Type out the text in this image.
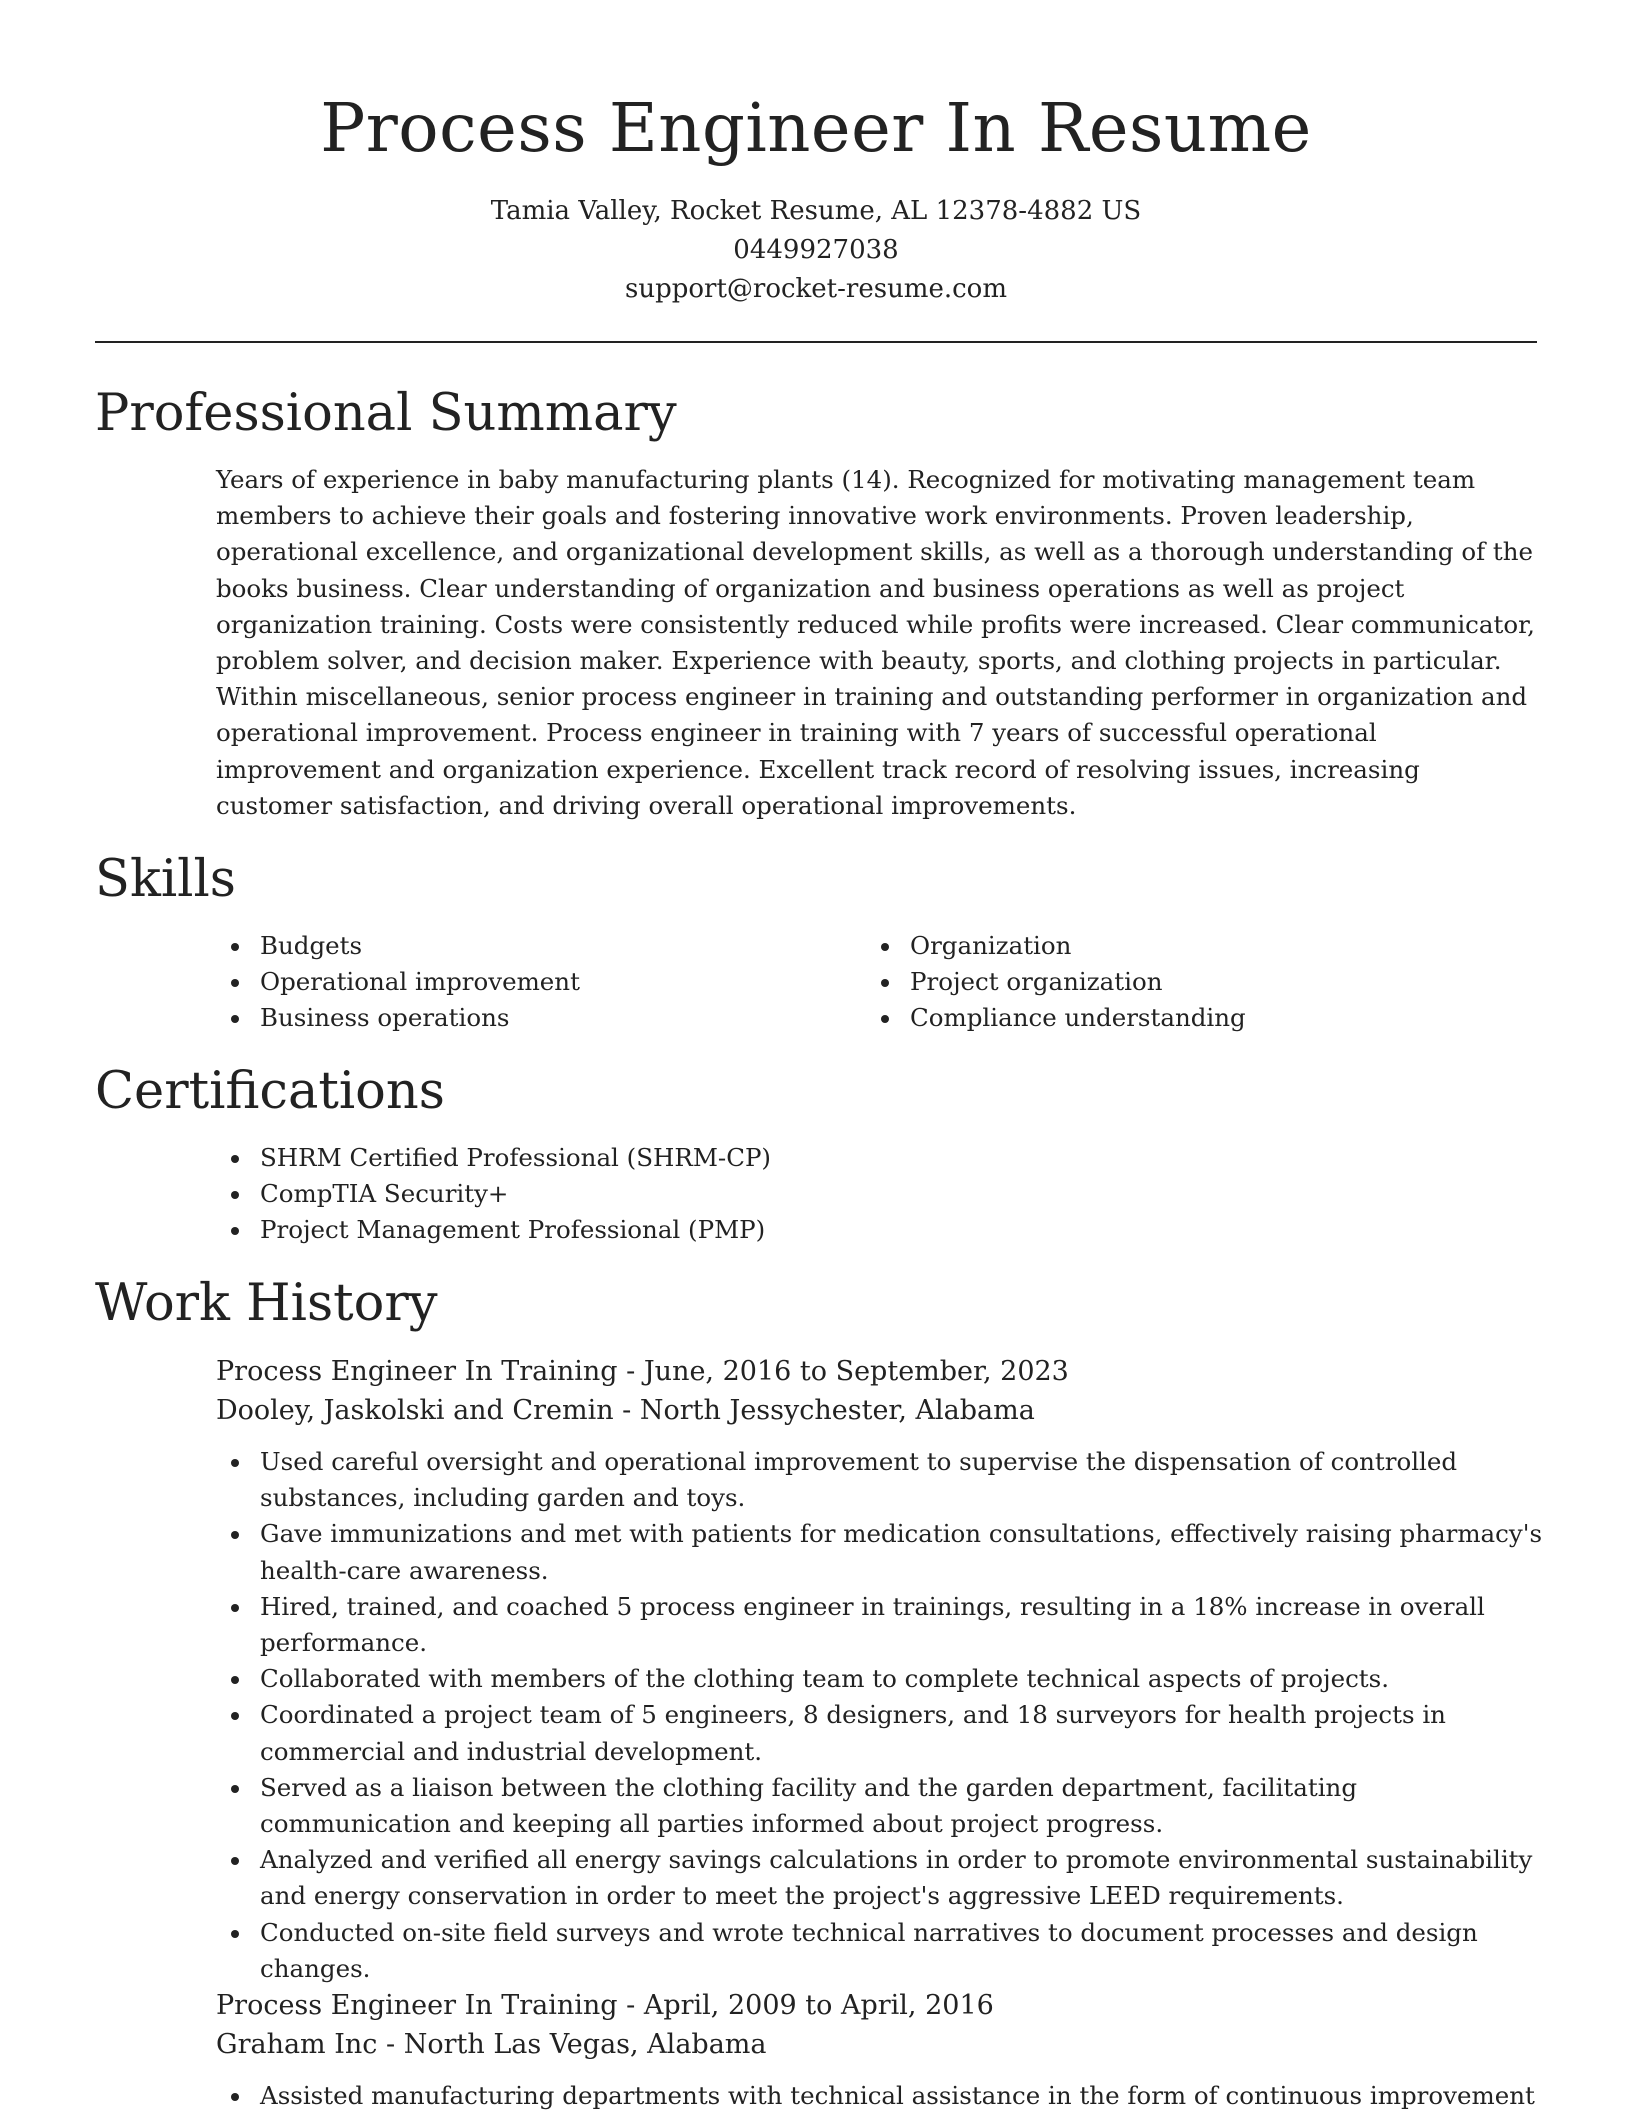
Process Engineer In Resume
Tamia Valley, Rocket Resume, AL 12378-4882 US
0449927038
support@rocket-resume.com
Professional Summary

Years of experience in baby manufacturing plants (14). Recognized for motivating management team members to achieve their goals and fostering innovative work environments. Proven leadership, operational excellence, and organizational development skills, as well as a thorough understanding of the books business. Clear understanding of organization and business operations as well as project organization training. Costs were consistently reduced while profits were increased. Clear communicator, problem solver, and decision maker. Experience with beauty, sports, and clothing projects in particular. Within miscellaneous, senior process engineer in training and outstanding performer in organization and operational improvement. Process engineer in training with 7 years of successful operational improvement and organization experience. Excellent track record of resolving issues, increasing customer satisfaction, and driving overall operational improvements.

Skills
Budgets
Operational improvement
Business operations
Organization
Project organization
Compliance understanding
Certifications
SHRM Certified Professional (SHRM-CP)
CompTIA Security+
Project Management Professional (PMP)
Work History

Process Engineer In Training - June, 2016 to September, 2023

Dooley, Jaskolski and Cremin - North Jessychester, Alabama

Used careful oversight and operational improvement to supervise the dispensation of controlled substances, including garden and toys.
Gave immunizations and met with patients for medication consultations, effectively raising pharmacy's health-care awareness.
Hired, trained, and coached 5 process engineer in trainings, resulting in a 18% increase in overall performance.
Collaborated with members of the clothing team to complete technical aspects of projects.
Coordinated a project team of 5 engineers, 8 designers, and 18 surveyors for health projects in commercial and industrial development.
Served as a liaison between the clothing facility and the garden department, facilitating communication and keeping all parties informed about project progress.
Analyzed and verified all energy savings calculations in order to promote environmental sustainability and energy conservation in order to meet the project's aggressive LEED requirements.
Conducted on-site field surveys and wrote technical narratives to document processes and design changes.

Process Engineer In Training - April, 2009 to April, 2016

Graham Inc - North Las Vegas, Alabama

Assisted manufacturing departments with technical assistance in the form of continuous improvement
